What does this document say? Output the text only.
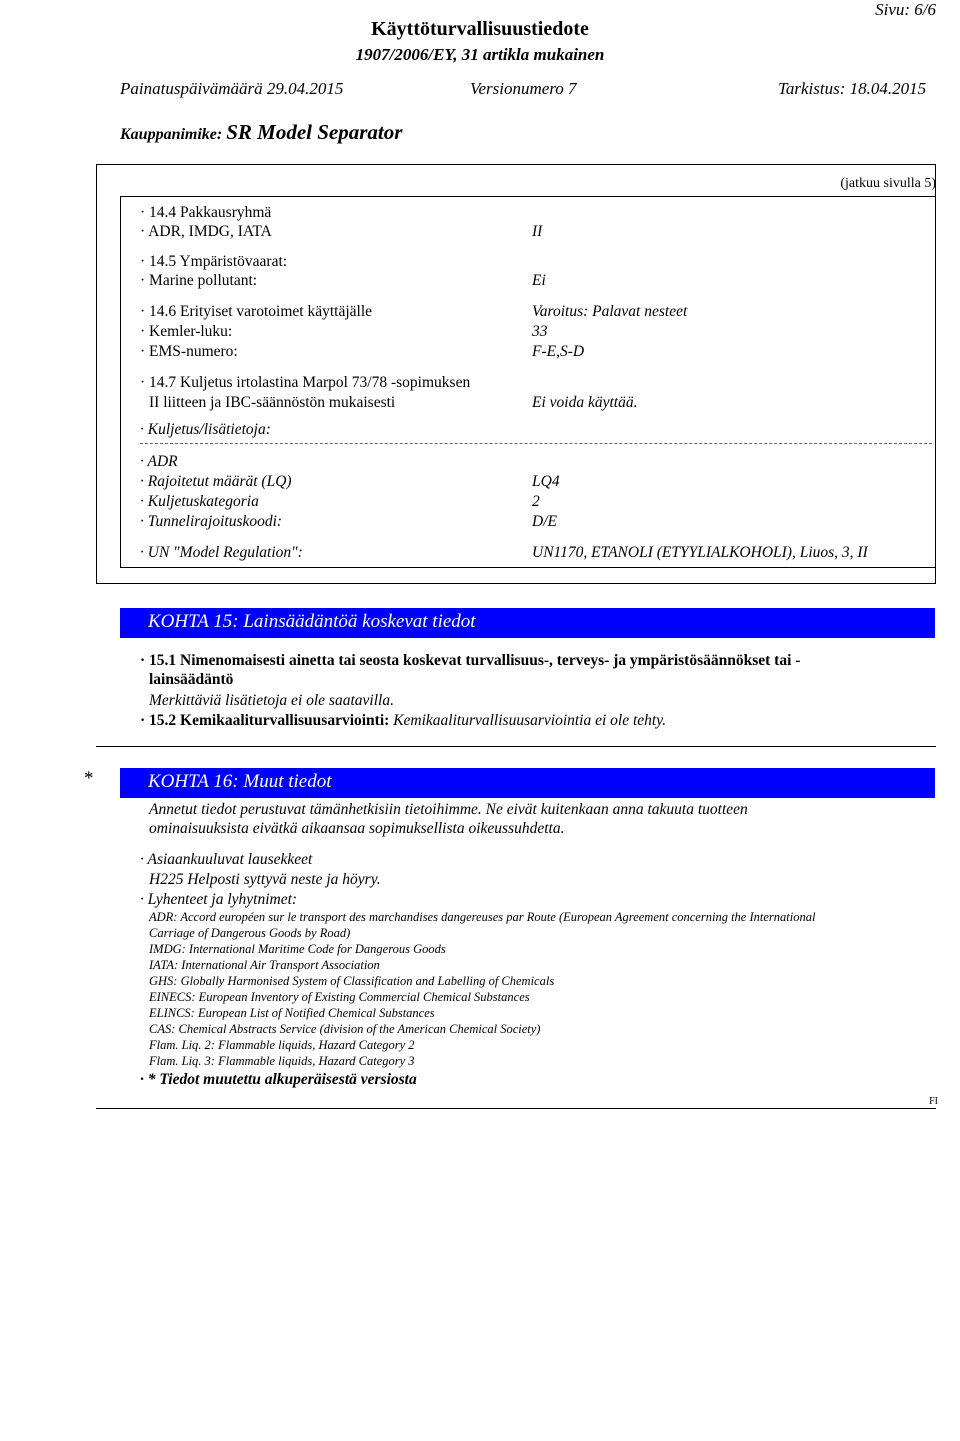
Sivu: 6/6
Käyttöturvallisuustiedote
1907/2006/EY, 31 artikla mukainen
Painatuspäivämäärä 29.04.2015	Versionumero 7	Tarkistus: 18.04.2015
Kauppanimike: SR Model Separator
(jatkuu sivulla 5)
· 14.4 Pakkausryhmä
· ADR, IMDG, IATA	II
· 14.5 Ympäristövaarat:
· Marine pollutant:	Ei
· 14.6 Erityiset varotoimet käyttäjälle	Varoitus: Palavat nesteet
· Kemler-luku:	33
· EMS-numero:	F-E,S-D
· 14.7 Kuljetus irtolastina Marpol 73/78 -sopimuksen
II liitteen ja IBC-säännöstön mukaisesti	Ei voida käyttää.
· Kuljetus/lisätietoja:
· ADR
· Rajoitetut määrät (LQ)	LQ4
· Kuljetuskategoria	2
· Tunnelirajoituskoodi:	D/E
· UN "Model Regulation":	UN1170, ETANOLI (ETYYLIALKOHOLI), Liuos, 3, II
KOHTA 15: Lainsäädäntöä koskevat tiedot
· 15.1 Nimenomaisesti ainetta tai seosta koskevat turvallisuus-, terveys- ja ympäristösäännökset tai -
lainsäädäntö
Merkittäviä lisätietoja ei ole saatavilla.
· 15.2 Kemikaaliturvallisuusarviointi: Kemikaaliturvallisuusarviointia ei ole tehty.
*	KOHTA 16: Muut tiedot
Annetut tiedot perustuvat tämänhetkisiin tietoihimme. Ne eivät kuitenkaan anna takuuta tuotteen
ominaisuuksista eivätkä aikaansaa sopimuksellista oikeussuhdetta.
· Asiaankuuluvat lausekkeet
H225 Helposti syttyvä neste ja höyry.
· Lyhenteet ja lyhytnimet:
ADR: Accord européen sur le transport des marchandises dangereuses par Route (European Agreement concerning the International
Carriage of Dangerous Goods by Road)
IMDG: International Maritime Code for Dangerous Goods
IATA: International Air Transport Association
GHS: Globally Harmonised System of Classification and Labelling of Chemicals
EINECS: European Inventory of Existing Commercial Chemical Substances
ELINCS: European List of Notified Chemical Substances
CAS: Chemical Abstracts Service (division of the American Chemical Society)
Flam. Liq. 2: Flammable liquids, Hazard Category 2
Flam. Liq. 3: Flammable liquids, Hazard Category 3
· * Tiedot muutettu alkuperäisestä versiosta
FI
